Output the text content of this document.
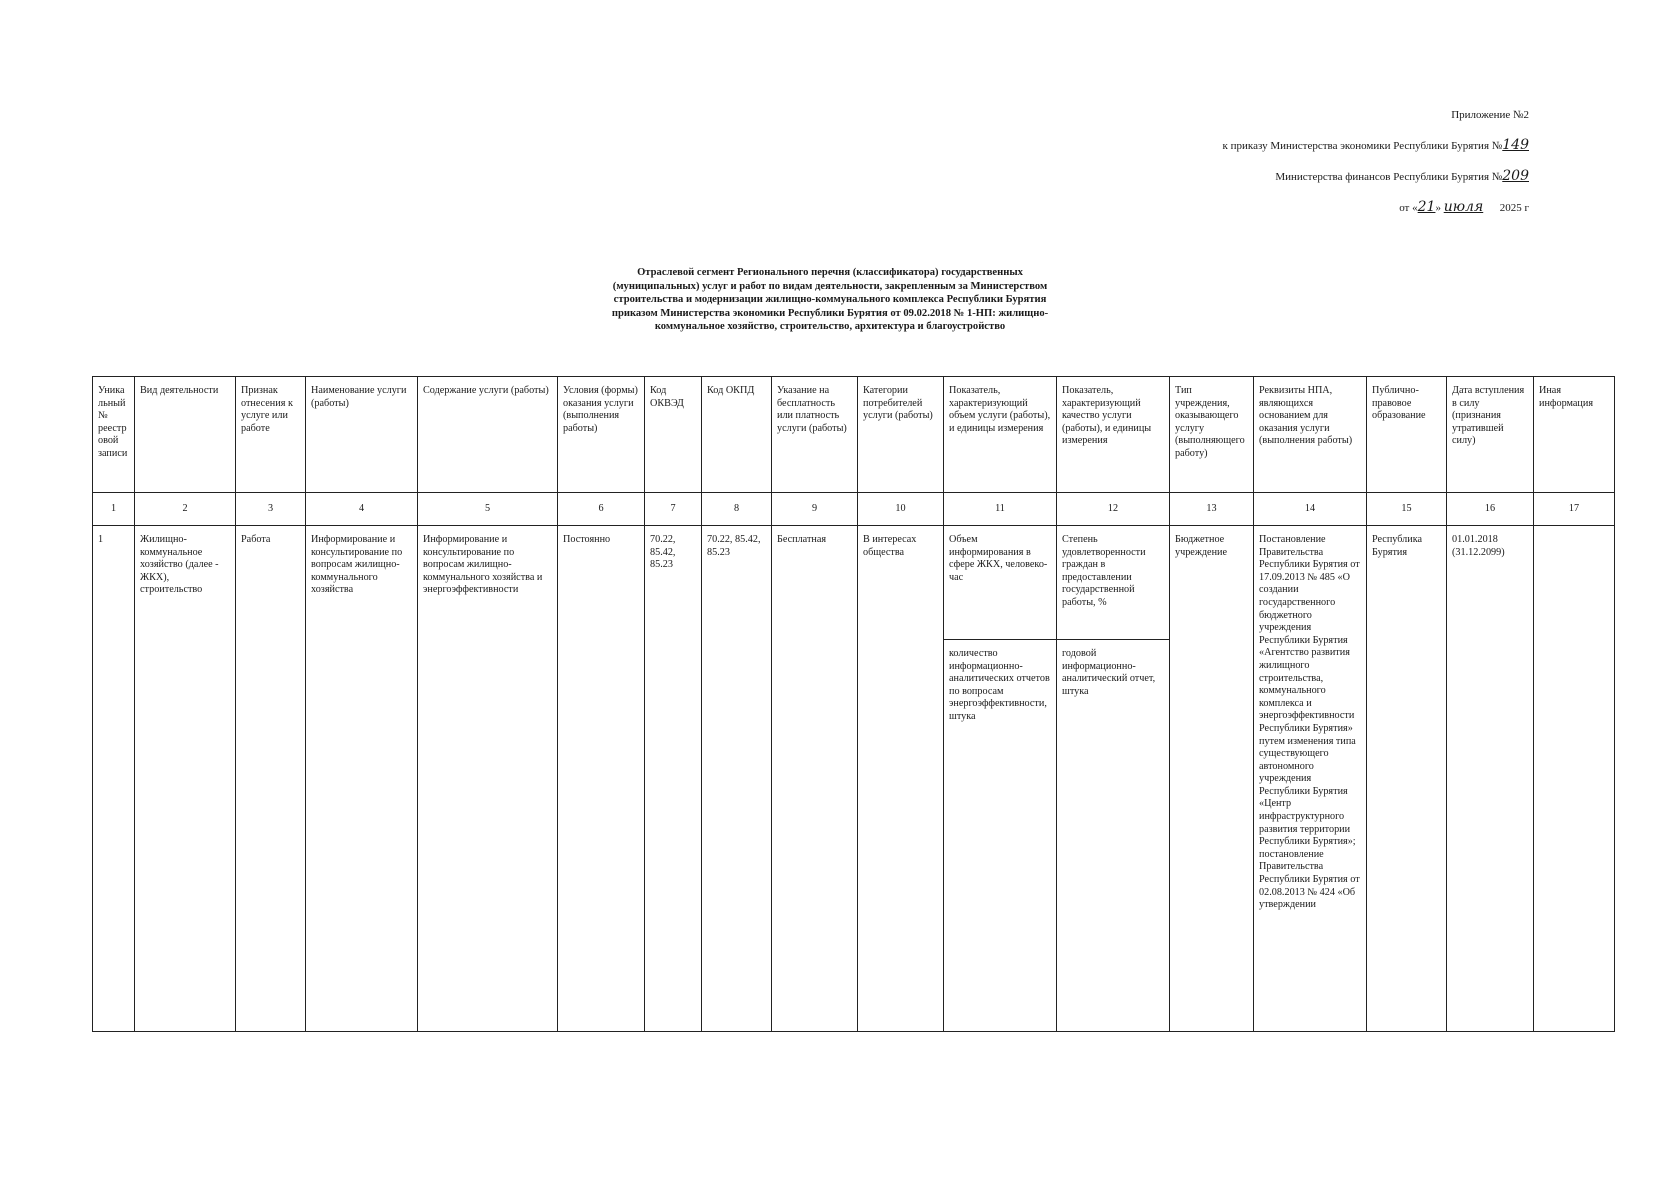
Приложение №2
к приказу Министерства экономики Республики Бурятия №149
Министерства финансов Республики Бурятия №209
от «21» июля 2025 г
Отраслевой сегмент Регионального перечня (классификатора) государственных (муниципальных) услуг и работ по видам деятельности, закрепленным за Министерством строительства и модернизации жилищно-коммунального комплекса Республики Бурятия приказом Министерства экономики Республики Бурятия от 09.02.2018 № 1-НП: жилищно-коммунальное хозяйство, строительство, архитектура и благоустройство
Уникальный № реестровой записи	Вид деятельности	Признак отнесения к услуге или работе	Наименование услуги (работы)	Содержание услуги (работы)	Условия (формы) оказания услуги (выполнения работы)	Код ОКВЭД	Код ОКПД	Указание на бесплатность или платность услуги (работы)	Категории потребителей услуги (работы)	Показатель, характеризующий объем услуги (работы), и единицы измерения	Показатель, характеризующий качество услуги (работы), и единицы измерения	Тип учреждения, оказывающего услугу (выполняющего работу)	Реквизиты НПА, являющихся основанием для оказания услуги (выполнения работы)	Публично-правовое образование	Дата вступления в силу (признания утратившей силу)	Иная информация
1	2	3	4	5	6	7	8	9	10	11	12	13	14	15	16	17
1	Жилищно-коммунальное хозяйство (далее - ЖКХ), строительство	Работа	Информирование и консультирование по вопросам жилищно-коммунального хозяйства	Информирование и консультирование по вопросам жилищно-коммунального хозяйства и энергоэффективности	Постоянно	70.22, 85.42, 85.23	70.22, 85.42, 85.23	Бесплатная	В интересах общества	Объем информирования в сфере ЖКХ, человеко-час	Степень удовлетворенности граждан в предоставлении государственной работы, %	Бюджетное учреждение	Постановление Правительства Республики Бурятия от 17.09.2013 № 485 «О создании государственного бюджетного учреждения Республики Бурятия «Агентство развития жилищного строительства, коммунального комплекса и энергоэффективности Республики Бурятия» путем изменения типа существующего автономного учреждения Республики Бурятия «Центр инфраструктурного развития территории Республики Бурятия»; постановление Правительства Республики Бурятия от 02.08.2013 № 424 «Об утверждении	Республика Бурятия	01.01.2018 (31.12.2099)	
										количество информационно-аналитических отчетов по вопросам энергоэффективности, штука	годовой информационно-аналитический отчет, штука					
